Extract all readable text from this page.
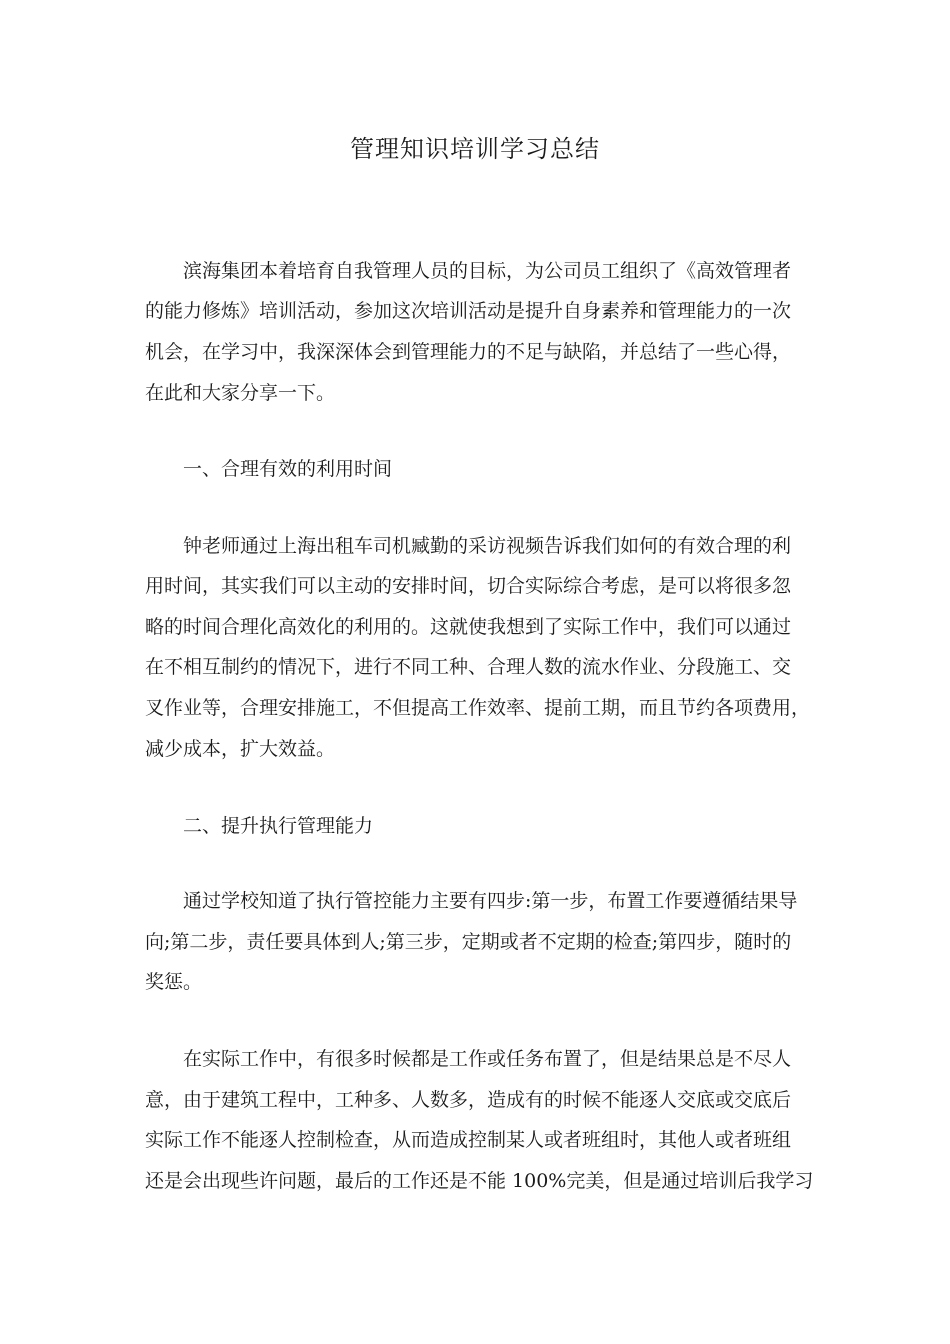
管理知识培训学习总结
滨海集团本着培育自我管理人员的目标，为公司员工组织了《高效管理者
的能力修炼》培训活动，参加这次培训活动是提升自身素养和管理能力的一次
机会，在学习中，我深深体会到管理能力的不足与缺陷，并总结了一些心得，
在此和大家分享一下。
一、合理有效的利用时间
钟老师通过上海出租车司机臧勤的采访视频告诉我们如何的有效合理的利
用时间，其实我们可以主动的安排时间，切合实际综合考虑，是可以将很多忽
略的时间合理化高效化的利用的。这就使我想到了实际工作中，我们可以通过
在不相互制约的情况下，进行不同工种、合理人数的流水作业、分段施工、交
叉作业等，合理安排施工，不但提高工作效率、提前工期，而且节约各项费用，
减少成本，扩大效益。
二、提升执行管理能力
通过学校知道了执行管控能力主要有四步:第一步，布置工作要遵循结果导
向;第二步，责任要具体到人;第三步，定期或者不定期的检查;第四步，随时的
奖惩。
在实际工作中，有很多时候都是工作或任务布置了，但是结果总是不尽人
意，由于建筑工程中，工种多、人数多，造成有的时候不能逐人交底或交底后
实际工作不能逐人控制检查，从而造成控制某人或者班组时，其他人或者班组
还是会出现些许问题，最后的工作还是不能 100%完美，但是通过培训后我学习
